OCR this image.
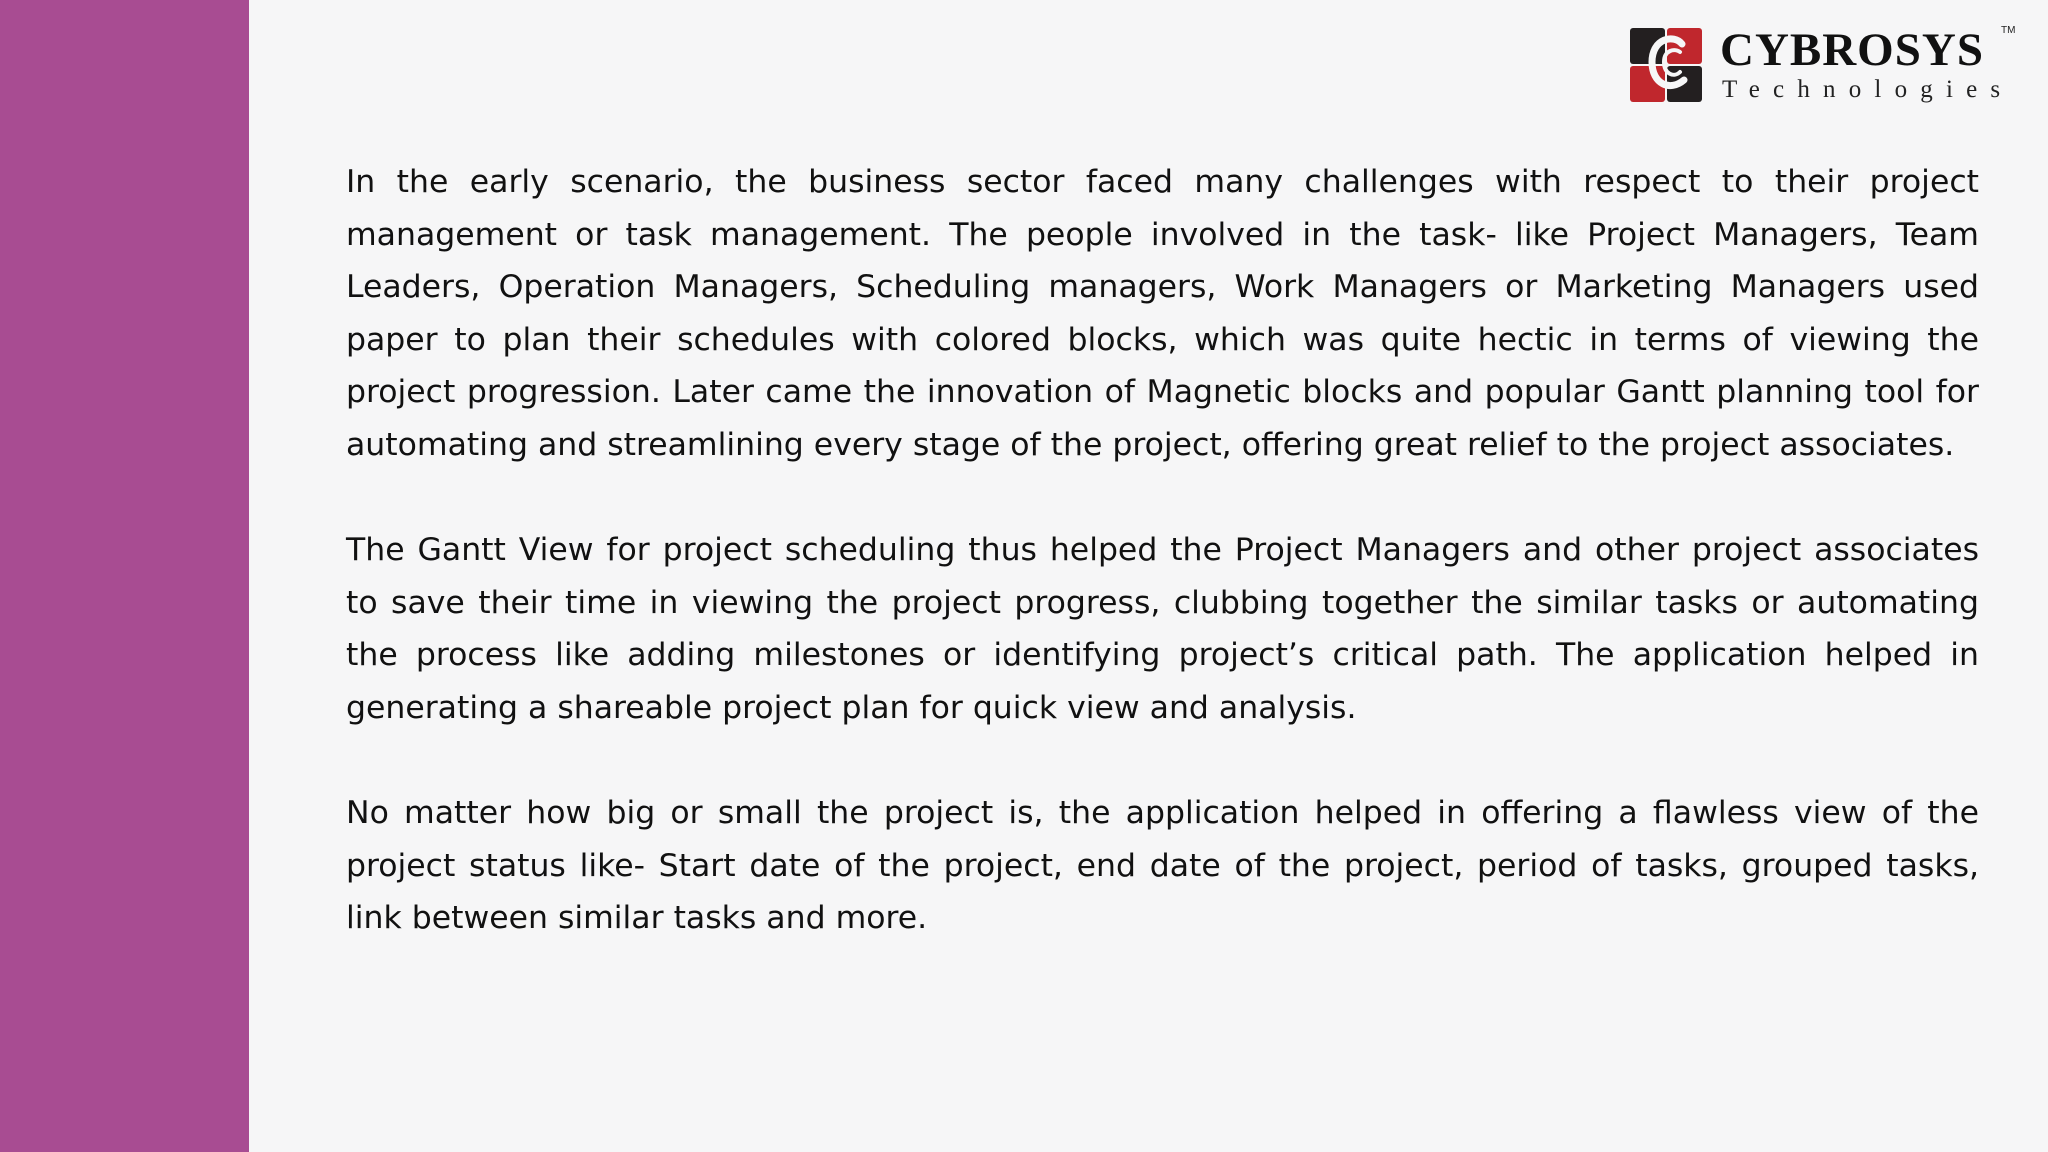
CYBROSYS TM
Technologies

In the early scenario, the business sector faced many challenges with respect to their project management or task management. The people involved in the task- like Project Managers, Team Leaders, Operation Managers, Scheduling managers, Work Managers or Marketing Managers used paper to plan their schedules with colored blocks, which was quite hectic in terms of viewing the project progression. Later came the innovation of Magnetic blocks and popular Gantt planning tool for automating and streamlining every stage of the project, offering great relief to the project associates.

The Gantt View for project scheduling thus helped the Project Managers and other project associates to save their time in viewing the project progress, clubbing together the similar tasks or automating the process like adding milestones or identifying project’s critical path. The application helped in generating a shareable project plan for quick view and analysis.

No matter how big or small the project is, the application helped in offering a flawless view of the project status like- Start date of the project, end date of the project, period of tasks, grouped tasks, link between similar tasks and more.
